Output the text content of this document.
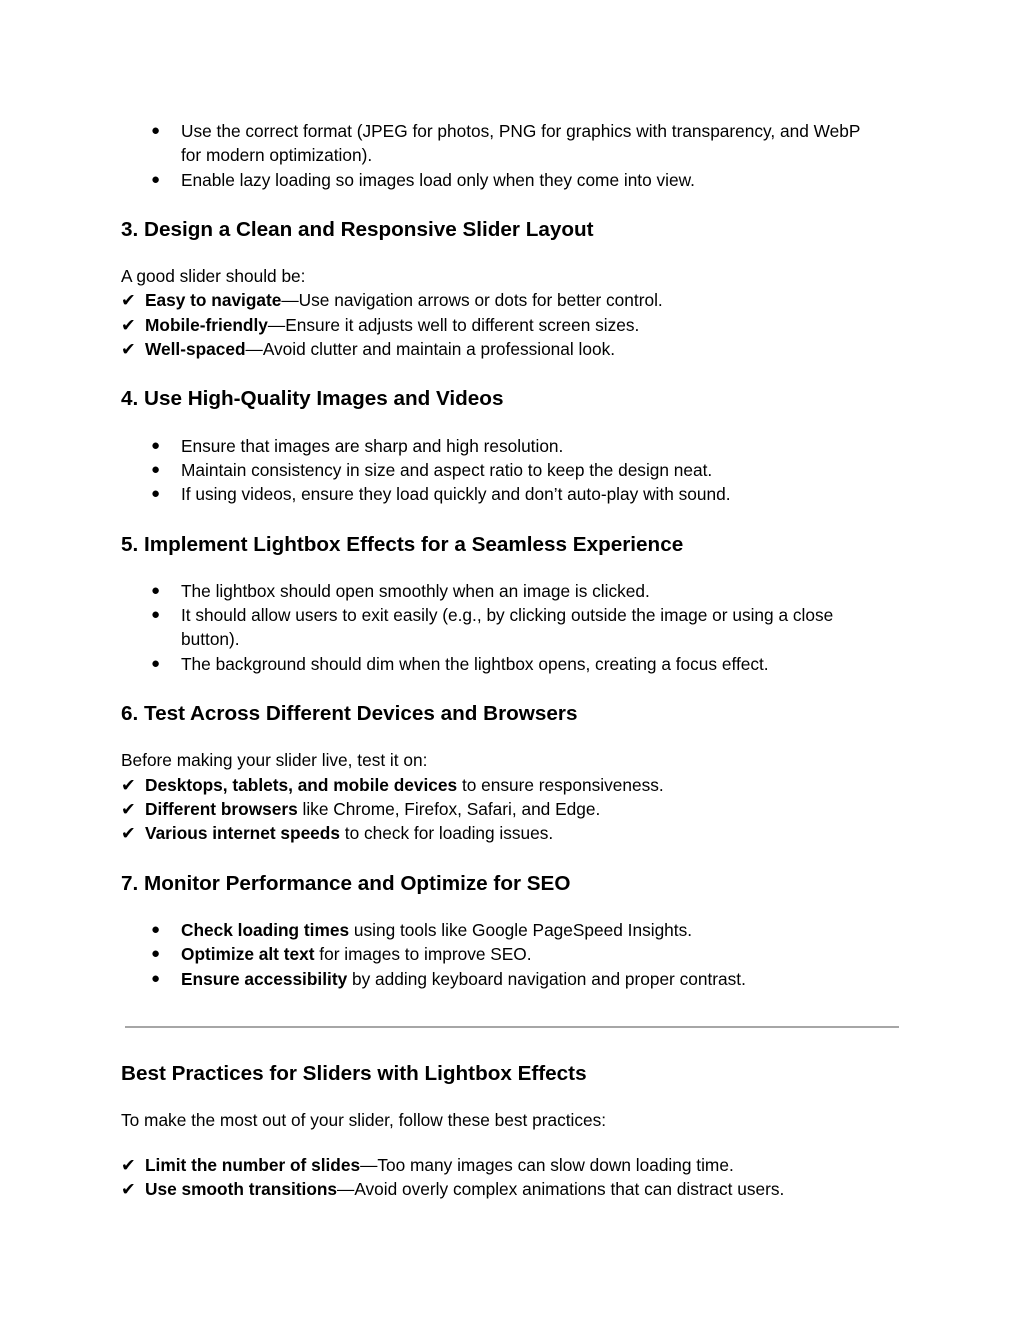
● Use the correct format (JPEG for photos, PNG for graphics with transparency, and WebP for modern optimization).
● Enable lazy loading so images load only when they come into view.
3. Design a Clean and Responsive Slider Layout
A good slider should be:
✔ Easy to navigate—Use navigation arrows or dots for better control.
✔ Mobile-friendly—Ensure it adjusts well to different screen sizes.
✔ Well-spaced—Avoid clutter and maintain a professional look.
4. Use High-Quality Images and Videos
● Ensure that images are sharp and high resolution.
● Maintain consistency in size and aspect ratio to keep the design neat.
● If using videos, ensure they load quickly and don’t auto-play with sound.
5. Implement Lightbox Effects for a Seamless Experience
● The lightbox should open smoothly when an image is clicked.
● It should allow users to exit easily (e.g., by clicking outside the image or using a close button).
● The background should dim when the lightbox opens, creating a focus effect.
6. Test Across Different Devices and Browsers
Before making your slider live, test it on:
✔ Desktops, tablets, and mobile devices to ensure responsiveness.
✔ Different browsers like Chrome, Firefox, Safari, and Edge.
✔ Various internet speeds to check for loading issues.
7. Monitor Performance and Optimize for SEO
● Check loading times using tools like Google PageSpeed Insights.
● Optimize alt text for images to improve SEO.
● Ensure accessibility by adding keyboard navigation and proper contrast.
Best Practices for Sliders with Lightbox Effects
To make the most out of your slider, follow these best practices:
✔ Limit the number of slides—Too many images can slow down loading time.
✔ Use smooth transitions—Avoid overly complex animations that can distract users.
